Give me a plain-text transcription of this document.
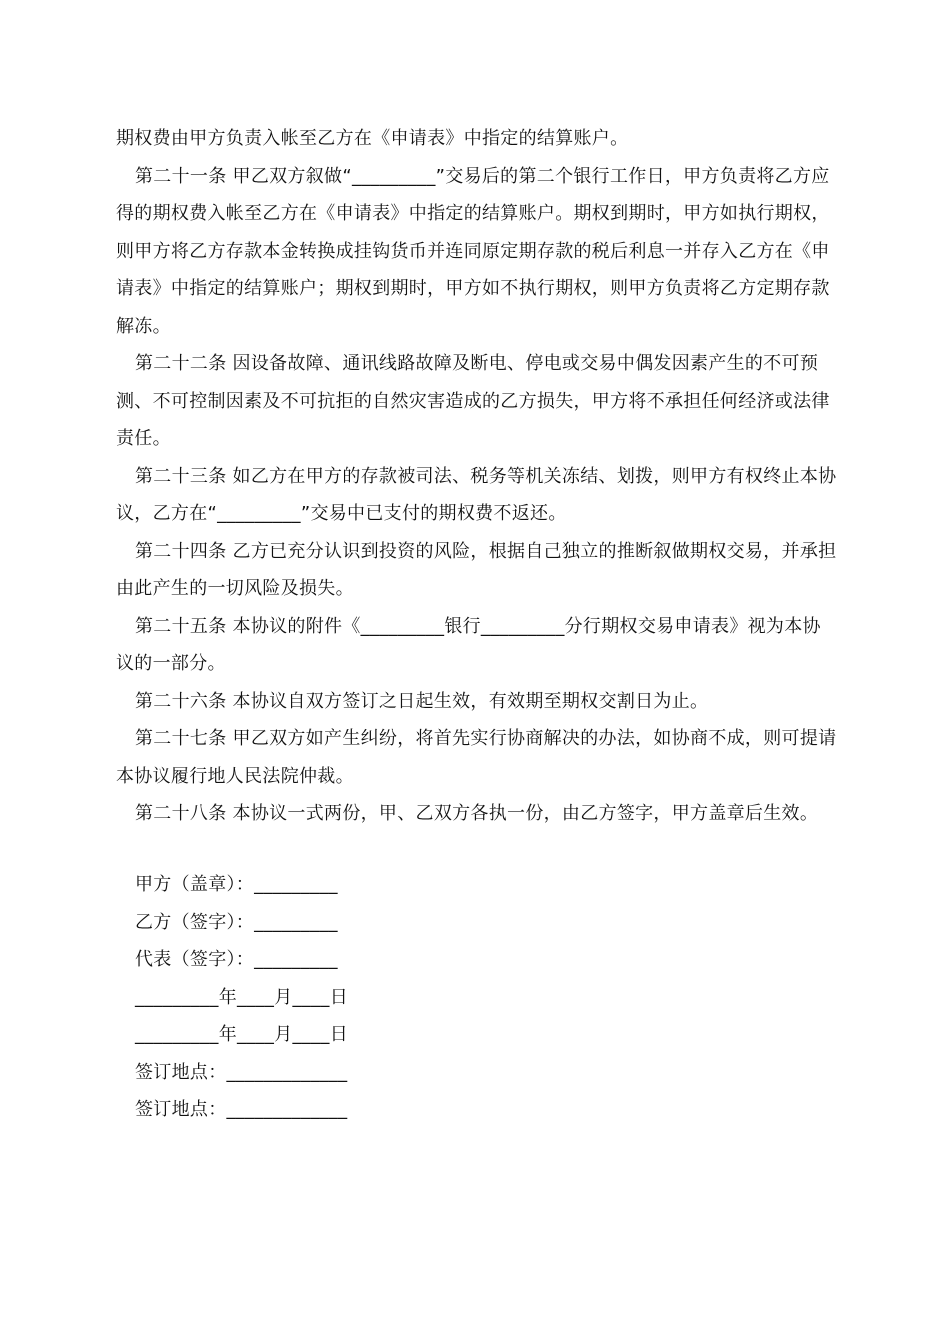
期权费由甲方负责入帐至乙方在《申请表》中指定的结算账户。

第二十一条 甲乙双方叙做“_________”交易后的第二个银行工作日，甲方负责将乙方应得的期权费入帐至乙方在《申请表》中指定的结算账户。期权到期时，甲方如执行期权，则甲方将乙方存款本金转换成挂钩货币并连同原定期存款的税后利息一并存入乙方在《申请表》中指定的结算账户；期权到期时，甲方如不执行期权，则甲方负责将乙方定期存款解冻。

第二十二条 因设备故障、通讯线路故障及断电、停电或交易中偶发因素产生的不可预测、不可控制因素及不可抗拒的自然灾害造成的乙方损失，甲方将不承担任何经济或法律责任。

第二十三条 如乙方在甲方的存款被司法、税务等机关冻结、划拨，则甲方有权终止本协议，乙方在“_________”交易中已支付的期权费不返还。

第二十四条 乙方已充分认识到投资的风险，根据自己独立的推断叙做期权交易，并承担由此产生的一切风险及损失。

第二十五条 本协议的附件《_________银行_________分行期权交易申请表》视为本协议的一部分。

第二十六条 本协议自双方签订之日起生效，有效期至期权交割日为止。

第二十七条 甲乙双方如产生纠纷，将首先实行协商解决的办法，如协商不成，则可提请本协议履行地人民法院仲裁。

第二十八条 本协议一式两份，甲、乙双方各执一份，由乙方签字，甲方盖章后生效。

甲方（盖章）：_________

乙方（签字）：_________

代表（签字）：_________

_________年____月____日

_________年____月____日

签订地点：_____________

签订地点：_____________
